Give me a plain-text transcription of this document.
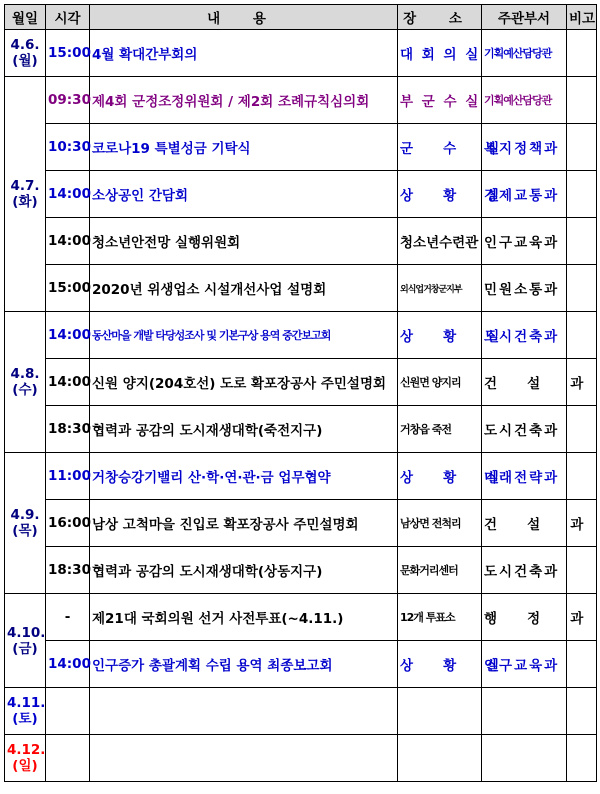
월일	시각	내 용	장 소	주관부서	비고

4.6.
(월)	15:00	4월 확대간부회의	대 회 의 실	기획예산담당관	

4.7.
(화)	09:30	제4회 군정조정위원회 / 제2회 조례규칙심의회	부 군 수 실	기획예산담당관	
	10:30	코로나19 특별성금 기탁식	군   수   실	복지정책과	
	14:00	소상공인 간담회	상   황   실	경제교통과	
	14:00	청소년안전망 실행위원회	청소년수련관	인구교육과	
	15:00	2020년 위생업소 시설개선사업 설명회	외식업거창군지부	민원소통과	

4.8.
(수)	14:00	동산마을 개발 타당성조사 및 기본구상 용역 중간보고회	상   황   실	도시건축과	
	14:00	신원 양지(204호선) 도로 확포장공사 주민설명회	신원면 양지리	건   설   과	
	18:30	협력과 공감의 도시재생대학(죽전지구)	거창읍 죽전	도시건축과	

4.9.
(목)	11:00	거창승강기밸리 산·학·연·관·금 업무협약	상   황   실	미래전략과	
	16:00	남상 고척마을 진입로 확포장공사 주민설명회	남상면 전척리	건   설   과	
	18:30	협력과 공감의 도시재생대학(상동지구)	문화거리센터	도시건축과	

4.10.
(금)	-	제21대 국회의원 선거 사전투표(~4.11.)	12개 투표소	행   정   과	
	14:00	인구증가 총괄계획 수립 용역 최종보고회	상   황   실	인구교육과	

4.11.
(토)					

4.12.
(일)					
